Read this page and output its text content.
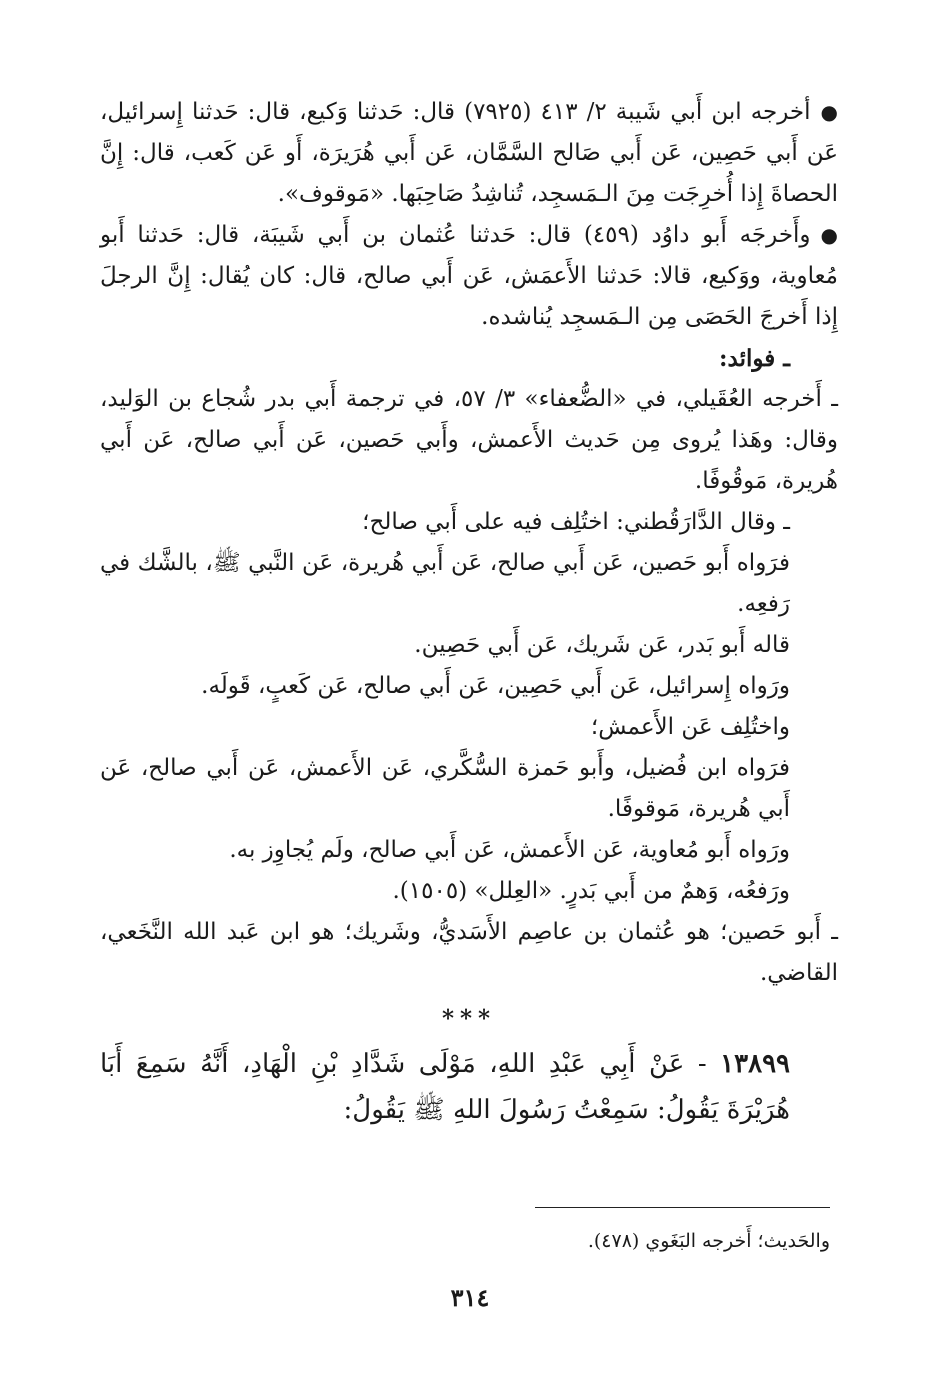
●أخرجه ابن أَبي شَيبة ٢/ ٤١٣ (٧٩٢٥) قال: حَدثنا وَكيع، قال: حَدثنا إِسرائيل، عَن أَبي حَصِين، عَن أَبي صَالح السَّمَّان، عَن أَبي هُرَيرَة، أَو عَن كَعب، قال: إِنَّ الحصاةَ إِذا أُخرِجَت مِنَ الـمَسجِد، تُناشِدُ صَاحِبَها. «مَوقوف».

●وأَخرجَه أَبو داوُد (٤٥٩) قال: حَدثنا عُثمان بن أَبي شَيبَة، قال: حَدثنا أَبو مُعاوية، ووَكيع، قالا: حَدثنا الأَعمَش، عَن أَبي صالح، قال: كان يُقال: إِنَّ الرجلَ إِذا أَخرجَ الحَصَى مِن الـمَسجِد يُناشده.

ـ فوائد:

ـ أَخرجه العُقَيلي، في «الضُّعفاء» ٣/ ٥٧، في ترجمة أَبي بدر شُجاع بن الوَليد، وقال: وهَذا يُروى مِن حَديث الأَعمش، وأَبي حَصين، عَن أَبي صالح، عَن أَبي هُريرة، مَوقُوفًا.

ـ وقال الدَّارَقُطني: اختُلِف فيه على أَبي صالح؛

فرَواه أَبو حَصين، عَن أَبي صالح، عَن أَبي هُريرة، عَن النَّبي ﷺ، بالشَّك في رَفعِه.

قاله أَبو بَدر، عَن شَريك، عَن أَبي حَصِين.

ورَواه إِسرائيل، عَن أَبي حَصِين، عَن أَبي صالح، عَن كَعبٍ، قَولَه.

واختُلِف عَن الأَعمش؛

فرَواه ابن فُضيل، وأَبو حَمزة السُّكَّري، عَن الأَعمش، عَن أَبي صالح، عَن أَبي هُريرة، مَوقوفًا.

ورَواه أَبو مُعاوية، عَن الأَعمش، عَن أَبي صالح، ولَم يُجاوِز به.

ورَفعُه، وَهمٌ من أَبي بَدرٍ. «العِلل» (١٥٠٥).

ـ أَبو حَصين؛ هو عُثمان بن عاصِم الأَسَديُّ، وشَريك؛ هو ابن عَبد الله النَّخَعي، القاضي.

***

١٣٨٩٩ - عَنْ أَبِي عَبْدِ اللهِ، مَوْلَى شَدَّادِ بْنِ الْهَادِ، أَنَّهُ سَمِعَ أَبَا هُرَيْرَةَ يَقُولُ: سَمِعْتُ رَسُولَ اللهِ ﷺ يَقُولُ:

والحَديث؛ أَخرجه البَغَوي (٤٧٨).
٣١٤
